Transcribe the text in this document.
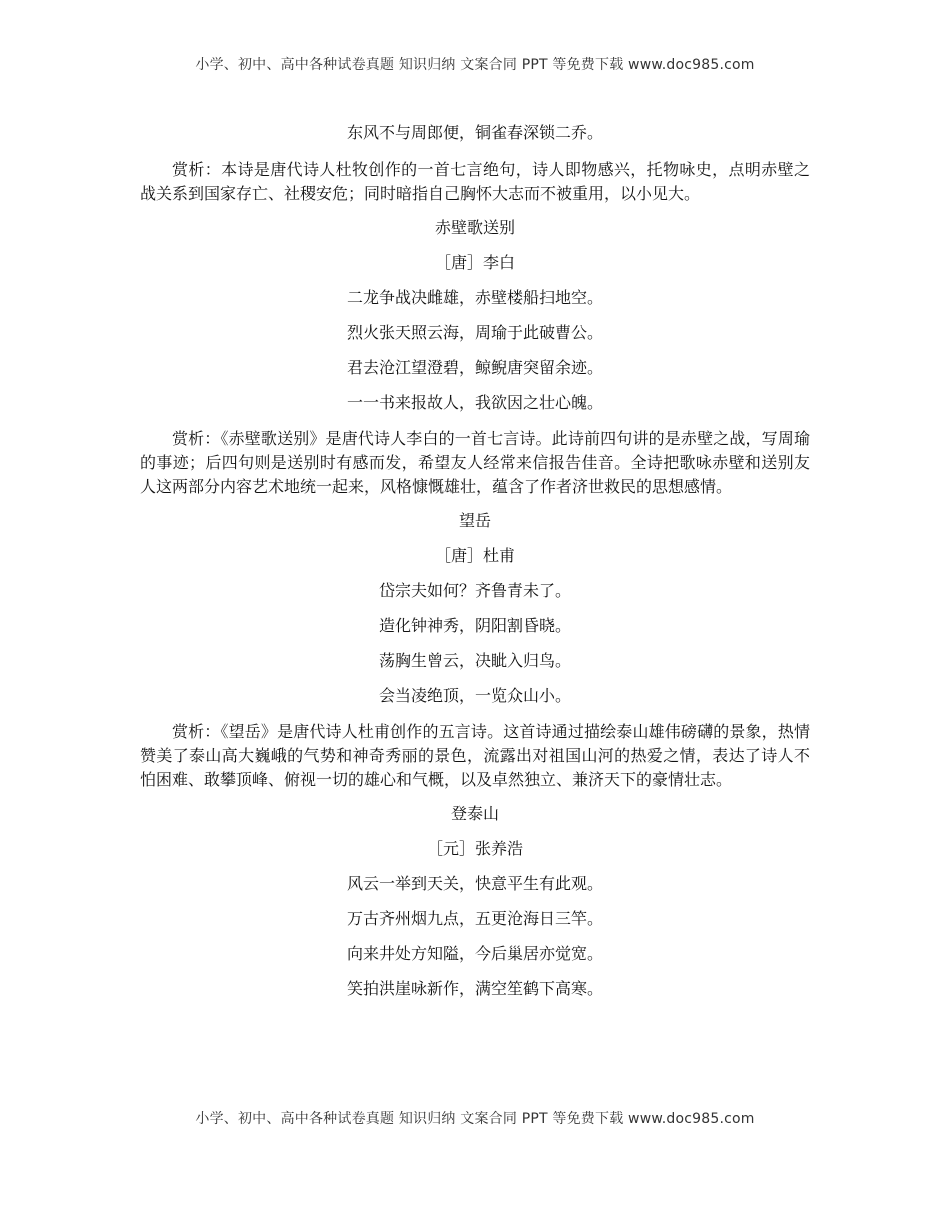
小学、初中、高中各种试卷真题 知识归纳 文案合同 PPT 等免费下载 www.doc985.com
东风不与周郎便，铜雀春深锁二乔。
赏析：本诗是唐代诗人杜牧创作的一首七言绝句，诗人即物感兴，托物咏史，点明赤壁之战关系到国家存亡、社稷安危；同时暗指自己胸怀大志而不被重用，以小见大。
赤壁歌送别
［唐］李白
二龙争战决雌雄，赤壁楼船扫地空。
烈火张天照云海，周瑜于此破曹公。
君去沧江望澄碧，鲸鲵唐突留余迹。
一一书来报故人，我欲因之壮心魄。
赏析：《赤壁歌送别》是唐代诗人李白的一首七言诗。此诗前四句讲的是赤壁之战，写周瑜的事迹；后四句则是送别时有感而发，希望友人经常来信报告佳音。全诗把歌咏赤壁和送别友人这两部分内容艺术地统一起来，风格慷慨雄壮，蕴含了作者济世救民的思想感情。
望岳
［唐］杜甫
岱宗夫如何？齐鲁青未了。
造化钟神秀，阴阳割昏晓。
荡胸生曾云，决眦入归鸟。
会当凌绝顶，一览众山小。
赏析：《望岳》是唐代诗人杜甫创作的五言诗。这首诗通过描绘泰山雄伟磅礴的景象，热情赞美了泰山高大巍峨的气势和神奇秀丽的景色，流露出对祖国山河的热爱之情，表达了诗人不怕困难、敢攀顶峰、俯视一切的雄心和气概，以及卓然独立、兼济天下的豪情壮志。
登泰山
［元］张养浩
风云一举到天关，快意平生有此观。
万古齐州烟九点，五更沧海日三竿。
向来井处方知隘，今后巢居亦觉宽。
笑拍洪崖咏新作，满空笙鹤下高寒。
小学、初中、高中各种试卷真题 知识归纳 文案合同 PPT 等免费下载 www.doc985.com
